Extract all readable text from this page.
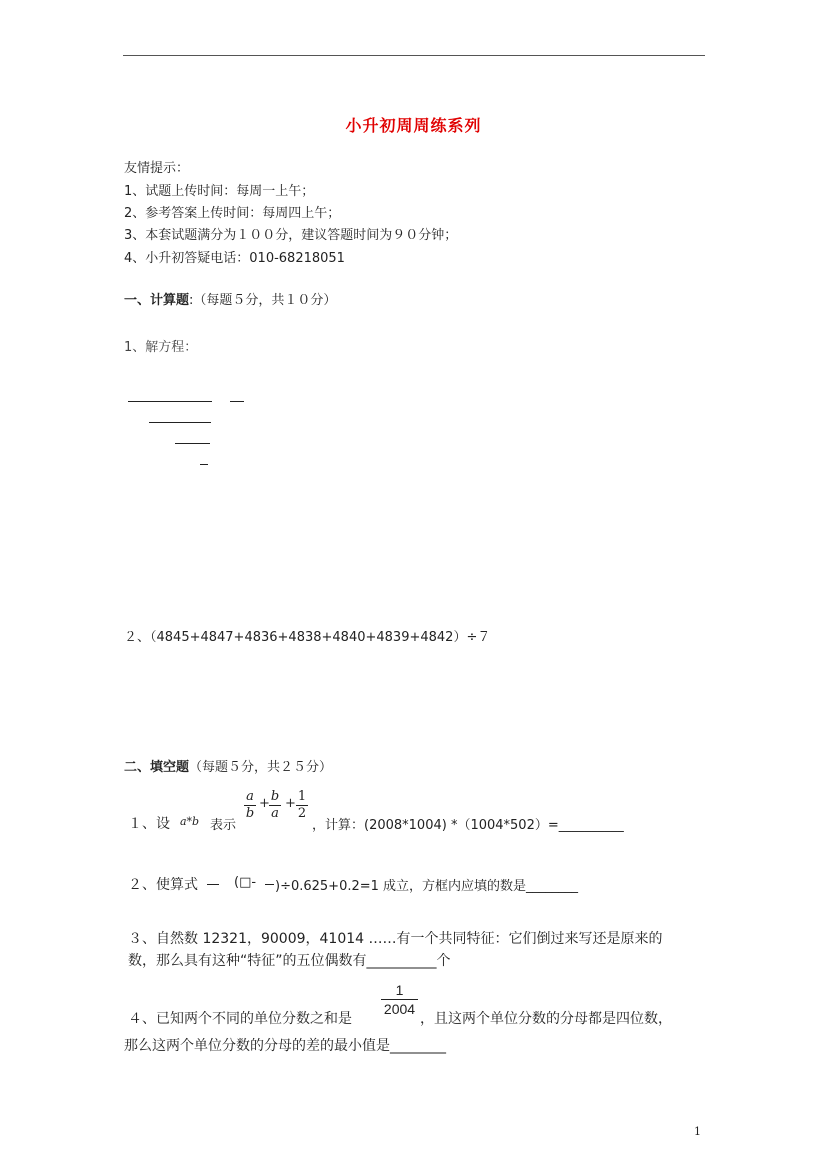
小升初周周练系列
友情提示：
1、试题上传时间：每周一上午；
2、参考答案上传时间：每周四上午；
3、本套试题满分为１００分，建议答题时间为９０分钟；
4、小升初答疑电话：010-68218051
一、计算题:（每题５分，共１０分）
1、解方程：
２、（4845+4847+4836+4838+4840+4839+4842）÷７
二、填空题（每题５分，共２５分）
１、设 a*b 表示
a
b
+ b
a
+ 1
2
，计算：(2008*1004) *（1004*502）=__________
２、使算式	(□- )÷0.625+0.2=1 成立，方框内应填的数是________
３、自然数 12321，90009，41014 ……有一个共同特征：它们倒过来写还是原来的
数，那么具有这种“特征”的五位偶数有__________个
1
2004
４、已知两个不同的单位分数之和是	，且这两个单位分数的分母都是四位数，
那么这两个单位分数的分母的差的最小值是________
1
